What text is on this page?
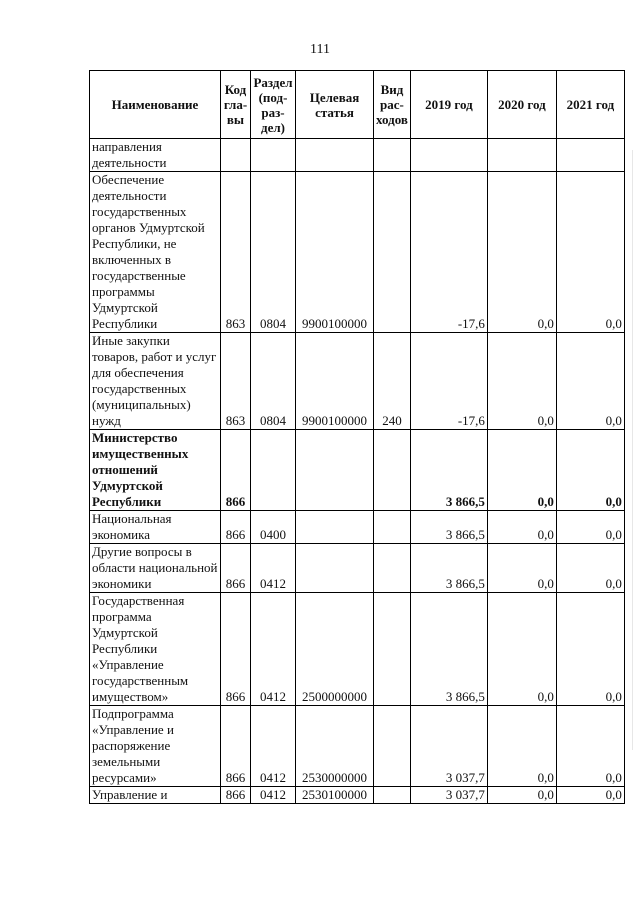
111
Наименование	Код гла-вы	Раздел (под-раз-дел)	Целевая статья	Вид рас-ходов	2019 год	2020 год	2021 год
направления деятельности							
Обеспечение деятельности государственных органов Удмуртской Республики, не включенных в государственные программы Удмуртской Республики	863	0804	9900100000		-17,6	0,0	0,0
Иные закупки товаров, работ и услуг для обеспечения государственных (муниципальных) нужд	863	0804	9900100000	240	-17,6	0,0	0,0
Министерство имущественных отношений Удмуртской Республики	866				3 866,5	0,0	0,0
Национальная экономика	866	0400			3 866,5	0,0	0,0
Другие вопросы в области национальной экономики	866	0412			3 866,5	0,0	0,0
Государственная программа Удмуртской Республики «Управление государственным имуществом»	866	0412	2500000000		3 866,5	0,0	0,0
Подпрограмма «Управление и распоряжение земельными ресурсами»	866	0412	2530000000		3 037,7	0,0	0,0
Управление и	866	0412	2530100000		3 037,7	0,0	0,0
